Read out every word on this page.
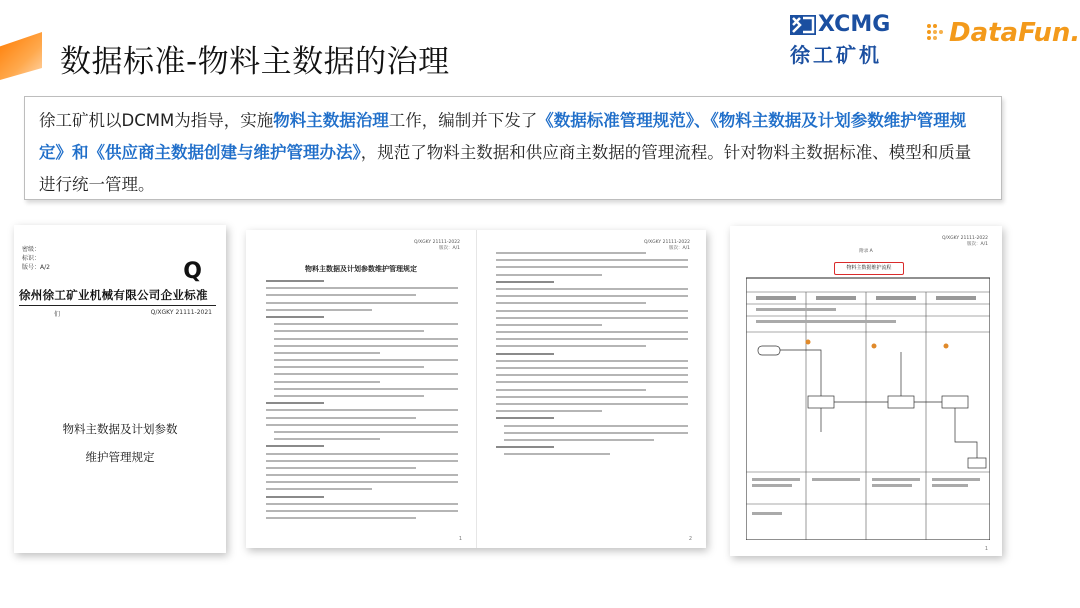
数据标准-物料主数据的治理
XCMG
徐工矿机
DataFun.
徐工矿机以DCMM为指导，实施物料主数据治理工作，编制并下发了《数据标准管理规范》、《物料主数据及计划参数维护管理规定》和《供应商主数据创建与维护管理办法》，规范了物料主数据和供应商主数据的管理流程。针对物料主数据标准、模型和质量进行统一管理。
密级：
标识：
版号：A/2	Q
徐州徐工矿业机械有限公司企业标准
们	Q/XGKY 21111-2021
物料主数据及计划参数
维护管理规定
Q/XGKY 21111-2022
版次：A/1
物料主数据及计划参数维护管理规定
1
Q/XGKY 21111-2022
版次：A/1
2
Q/XGKY 21111-2022
版次：A/1
附录 A
物料主数据维护流程
1
